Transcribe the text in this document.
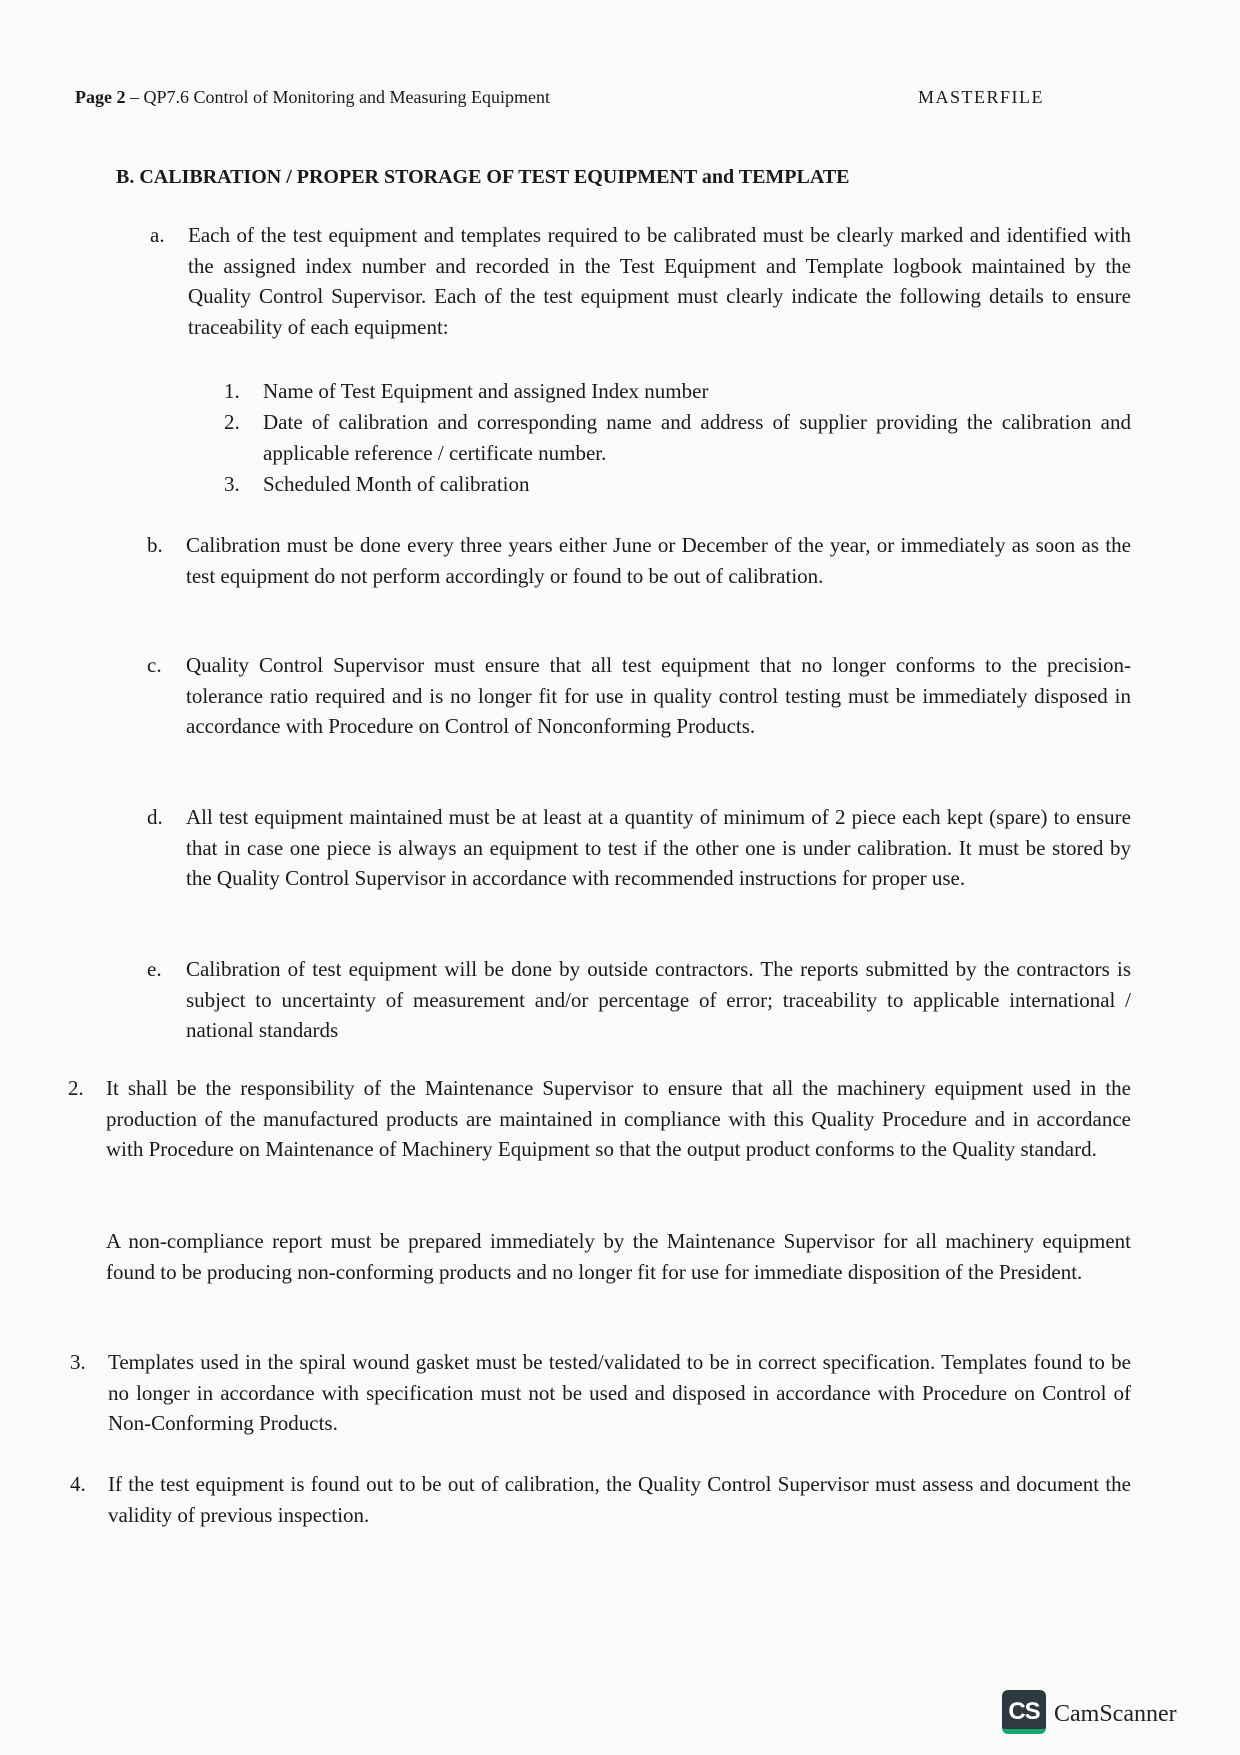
Page 2 – QP7.6 Control of Monitoring and Measuring Equipment	MASTERFILE
B. CALIBRATION / PROPER STORAGE OF TEST EQUIPMENT and TEMPLATE
a. Each of the test equipment and templates required to be calibrated must be clearly marked and identified with the assigned index number and recorded in the Test Equipment and Template logbook maintained by the Quality Control Supervisor. Each of the test equipment must clearly indicate the following details to ensure traceability of each equipment:
1. Name of Test Equipment and assigned Index number
2. Date of calibration and corresponding name and address of supplier providing the calibration and applicable reference / certificate number.
3. Scheduled Month of calibration
b. Calibration must be done every three years either June or December of the year, or immediately as soon as the test equipment do not perform accordingly or found to be out of calibration.
c. Quality Control Supervisor must ensure that all test equipment that no longer conforms to the precision-tolerance ratio required and is no longer fit for use in quality control testing must be immediately disposed in accordance with Procedure on Control of Nonconforming Products.
d. All test equipment maintained must be at least at a quantity of minimum of 2 piece each kept (spare) to ensure that in case one piece is always an equipment to test if the other one is under calibration. It must be stored by the Quality Control Supervisor in accordance with recommended instructions for proper use.
e. Calibration of test equipment will be done by outside contractors. The reports submitted by the contractors is subject to uncertainty of measurement and/or percentage of error; traceability to applicable international / national standards
2. It shall be the responsibility of the Maintenance Supervisor to ensure that all the machinery equipment used in the production of the manufactured products are maintained in compliance with this Quality Procedure and in accordance with Procedure on Maintenance of Machinery Equipment so that the output product conforms to the Quality standard.
A non-compliance report must be prepared immediately by the Maintenance Supervisor for all machinery equipment found to be producing non-conforming products and no longer fit for use for immediate disposition of the President.
3. Templates used in the spiral wound gasket must be tested/validated to be in correct specification. Templates found to be no longer in accordance with specification must not be used and disposed in accordance with Procedure on Control of Non-Conforming Products.
4. If the test equipment is found out to be out of calibration, the Quality Control Supervisor must assess and document the validity of previous inspection.
CS CamScanner
